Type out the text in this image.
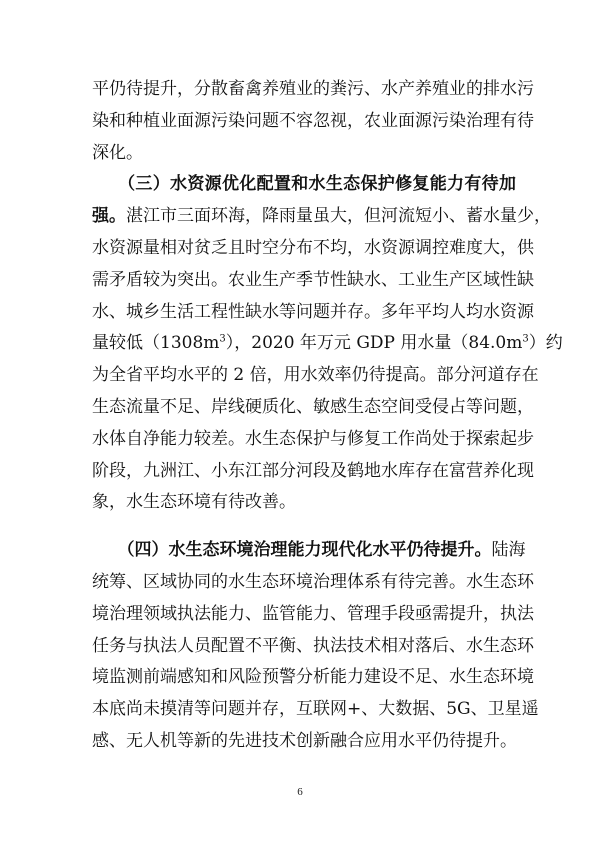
平仍待提升，分散畜禽养殖业的粪污、水产养殖业的排水污
染和种植业面源污染问题不容忽视，农业面源污染治理有待
深化。
　　（三）水资源优化配置和水生态保护修复能力有待加
强。湛江市三面环海，降雨量虽大，但河流短小、蓄水量少，
水资源量相对贫乏且时空分布不均，水资源调控难度大，供
需矛盾较为突出。农业生产季节性缺水、工业生产区域性缺
水、城乡生活工程性缺水等问题并存。多年平均人均水资源
量较低$(1308m^3)$，2020 年万元 GDP 用水量$(84.0m^3)$约
为全省平均水平的 2 倍，用水效率仍待提高。部分河道存在
生态流量不足、岸线硬质化、敏感生态空间受侵占等问题，
水体自净能力较差。水生态保护与修复工作尚处于探索起步
阶段，九洲江、小东江部分河段及鹤地水库存在富营养化现
象，水生态环境有待改善。
　　（四）水生态环境治理能力现代化水平仍待提升。陆海
统筹、区域协同的水生态环境治理体系有待完善。水生态环
境治理领域执法能力、监管能力、管理手段亟需提升，执法
任务与执法人员配置不平衡、执法技术相对落后、水生态环
境监测前端感知和风险预警分析能力建设不足、水生态环境
本底尚未摸清等问题并存，互联网+、大数据、5G、卫星遥
感、无人机等新的先进技术创新融合应用水平仍待提升。
6
